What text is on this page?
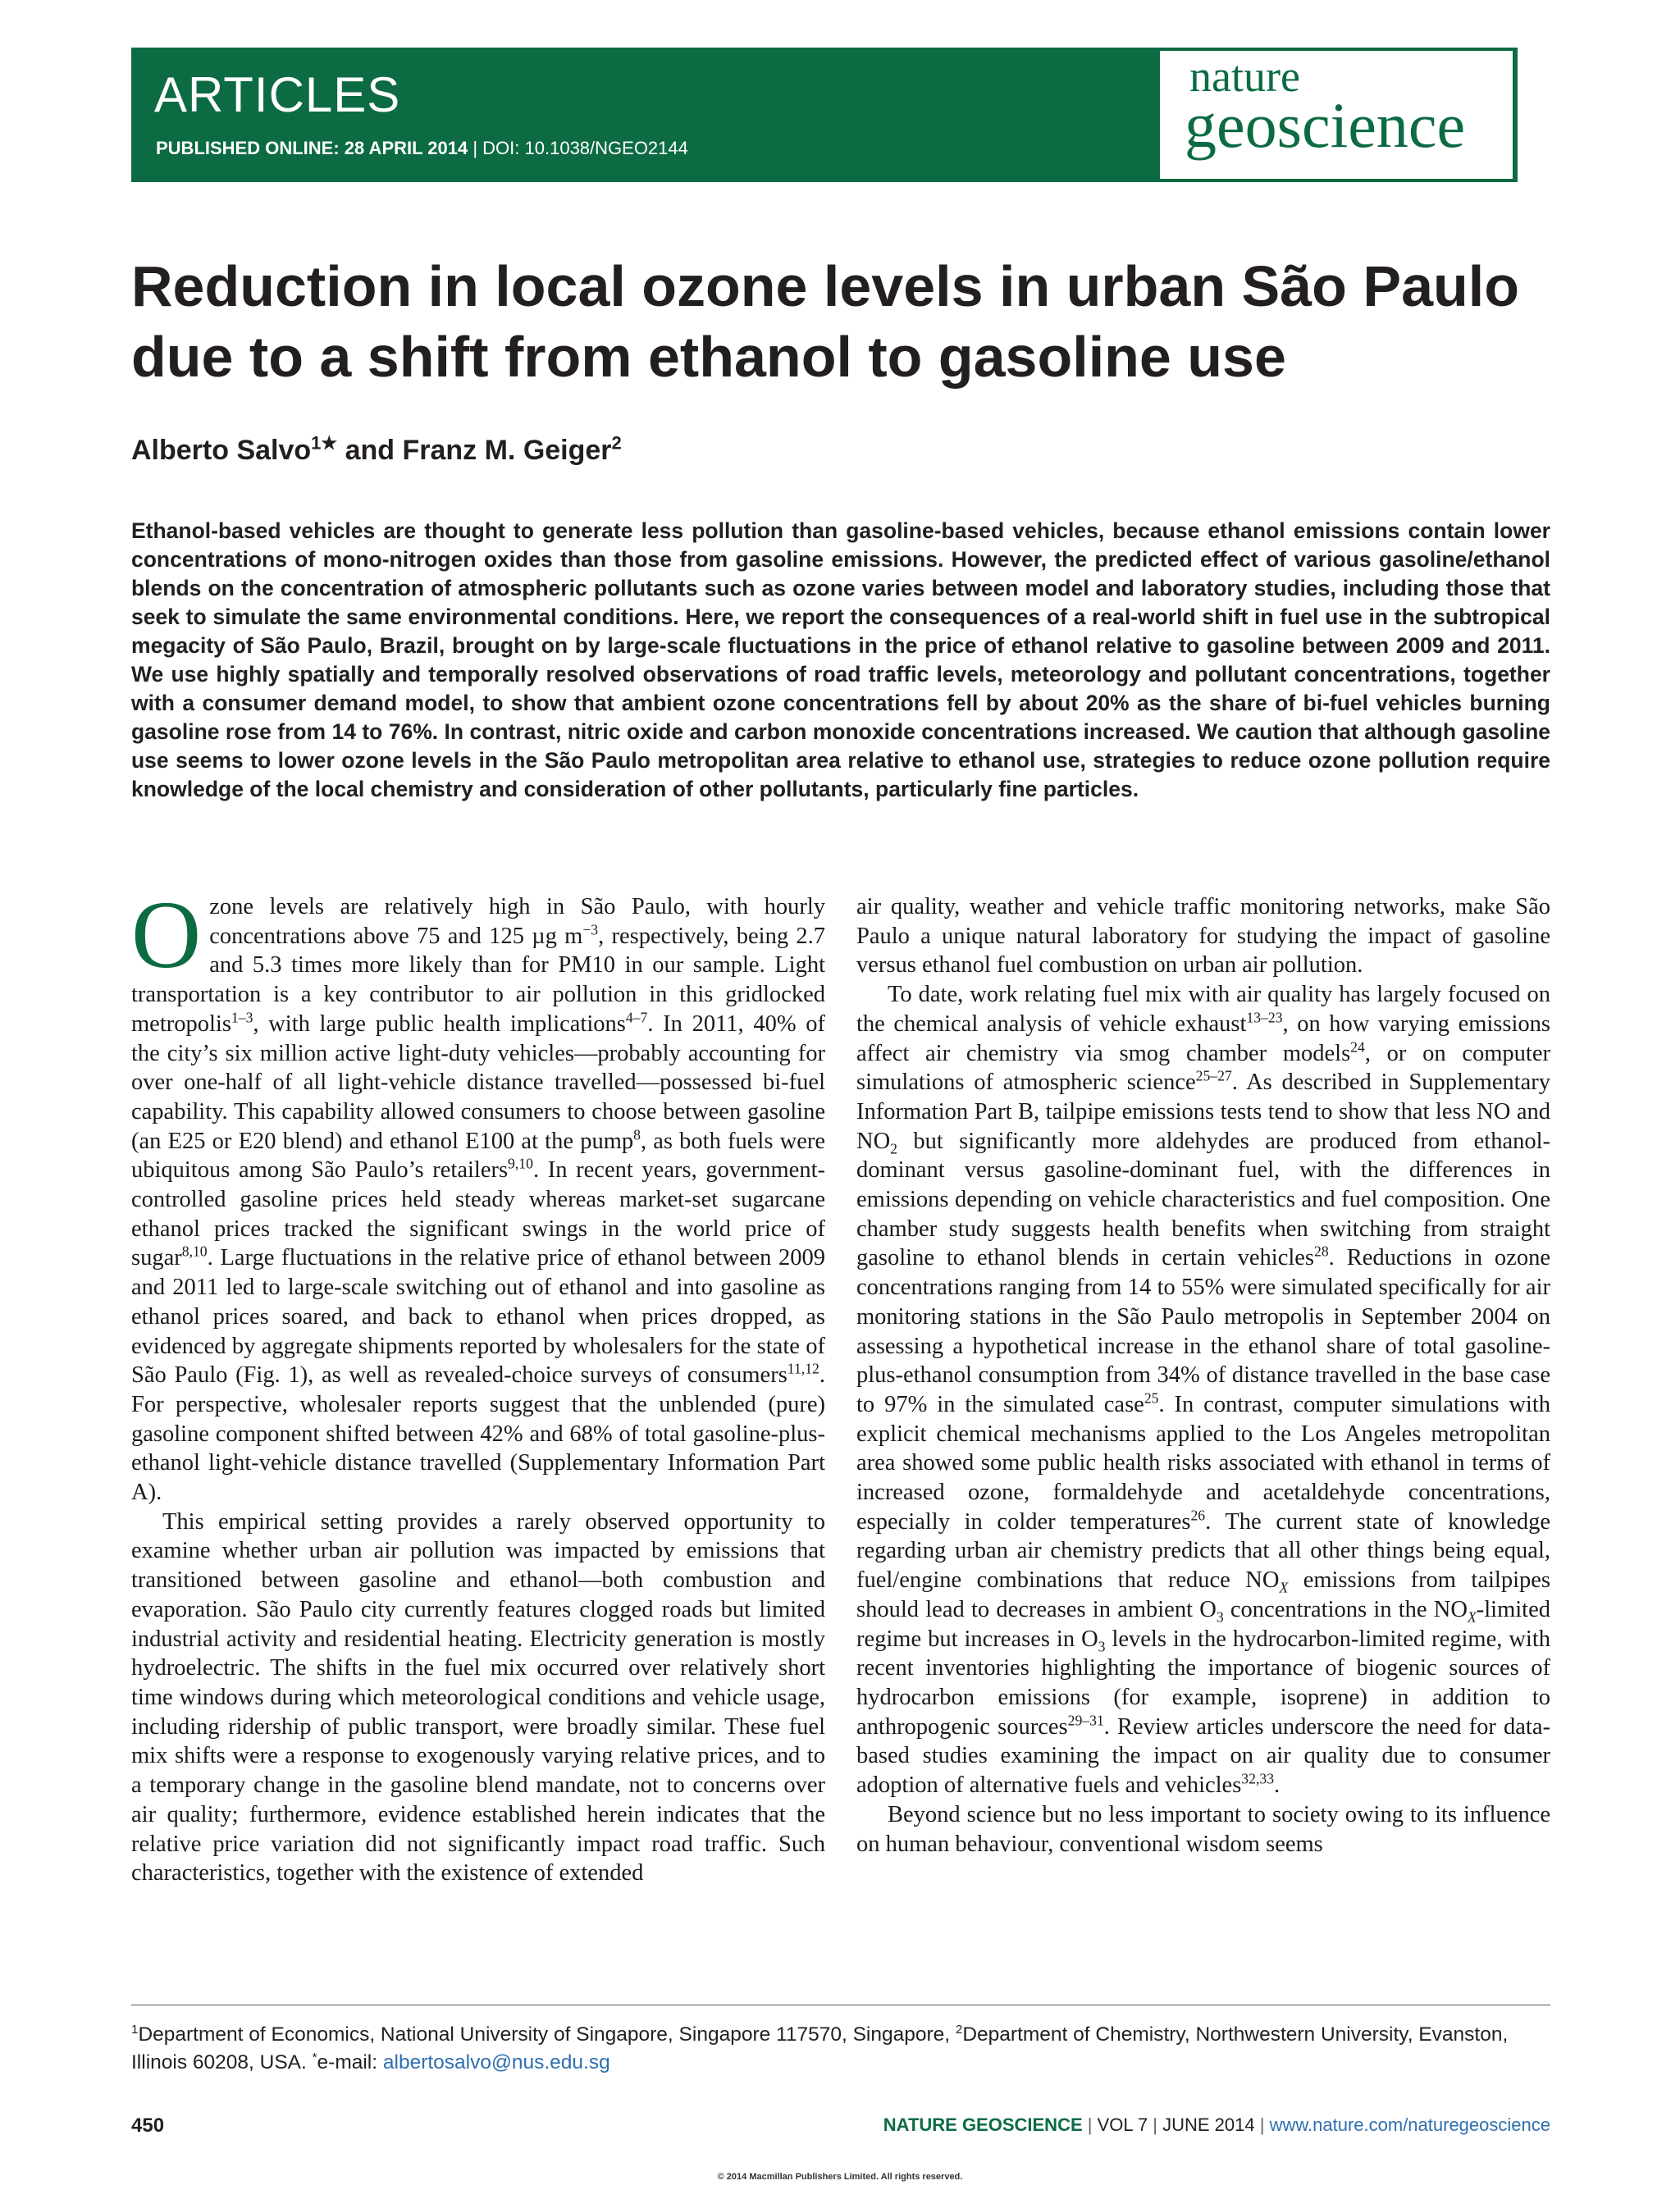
ARTICLES
PUBLISHED ONLINE: 28 APRIL 2014 | DOI: 10.1038/NGEO2144
nature
geoscience
Reduction in local ozone levels in urban São Paulo due to a shift from ethanol to gasoline use
Alberto Salvo$^{1★}$ and Franz M. Geiger$^2$

Ethanol-based vehicles are thought to generate less pollution than gasoline-based vehicles, because ethanol emissions contain lower concentrations of mono-nitrogen oxides than those from gasoline emissions. However, the predicted effect of various gasoline/ethanol blends on the concentration of atmospheric pollutants such as ozone varies between model and laboratory studies, including those that seek to simulate the same environmental conditions. Here, we report the consequences of a real-world shift in fuel use in the subtropical megacity of São Paulo, Brazil, brought on by large-scale fluctuations in the price of ethanol relative to gasoline between 2009 and 2011. We use highly spatially and temporally resolved observations of road traffic levels, meteorology and pollutant concentrations, together with a consumer demand model, to show that ambient ozone concentrations fell by about 20% as the share of bi-fuel vehicles burning gasoline rose from 14 to 76%. In contrast, nitric oxide and carbon monoxide concentrations increased. We caution that although gasoline use seems to lower ozone levels in the São Paulo metropolitan area relative to ethanol use, strategies to reduce ozone pollution require knowledge of the local chemistry and consideration of other pollutants, particularly fine particles.

Ozone levels are relatively high in São Paulo, with hourly concentrations above 75 and 125 µg $m^{-3}$, respectively, being 2.7 and 5.3 times more likely than for PM10 in our sample. Light transportation is a key contributor to air pollution in this gridlocked metropolis$^{1-3}$, with large public health implications$^{4-7}$. In 2011, 40% of the city’s six million active light-duty vehicles—probably accounting for over one-half of all light-vehicle distance travelled—possessed bi-fuel capability. This capability allowed consumers to choose between gasoline (an E25 or E20 blend) and ethanol E100 at the pump$^8$, as both fuels were ubiquitous among São Paulo’s retailers$^{9,10}$. In recent years, government-controlled gasoline prices held steady whereas market-set sugarcane ethanol prices tracked the significant swings in the world price of sugar$^{8,10}$. Large fluctuations in the relative price of ethanol between 2009 and 2011 led to large-scale switching out of ethanol and into gasoline as ethanol prices soared, and back to ethanol when prices dropped, as evidenced by aggregate shipments reported by wholesalers for the state of São Paulo (Fig. 1), as well as revealed-choice surveys of consumers$^{11,12}$. For perspective, wholesaler reports suggest that the unblended (pure) gasoline component shifted between 42% and 68% of total gasoline-plus-ethanol light-vehicle distance travelled (Supplementary Information Part A).

This empirical setting provides a rarely observed opportunity to examine whether urban air pollution was impacted by emissions that transitioned between gasoline and ethanol—both combustion and evaporation. São Paulo city currently features clogged roads but limited industrial activity and residential heating. Electricity generation is mostly hydroelectric. The shifts in the fuel mix occurred over relatively short time windows during which meteorological conditions and vehicle usage, including ridership of public transport, were broadly similar. These fuel mix shifts were a response to exogenously varying relative prices, and to a temporary change in the gasoline blend mandate, not to concerns over air quality; furthermore, evidence established herein indicates that the relative price variation did not significantly impact road traffic. Such characteristics, together with the existence of extended

air quality, weather and vehicle traffic monitoring networks, make São Paulo a unique natural laboratory for studying the impact of gasoline versus ethanol fuel combustion on urban air pollution.

To date, work relating fuel mix with air quality has largely focused on the chemical analysis of vehicle exhaust$^{13-23}$, on how varying emissions affect air chemistry via smog chamber models$^{24}$, or on computer simulations of atmospheric science$^{25-27}$. As described in Supplementary Information Part B, tailpipe emissions tests tend to show that less NO and $NO_2$ but significantly more aldehydes are produced from ethanol-dominant versus gasoline-dominant fuel, with the differences in emissions depending on vehicle characteristics and fuel composition. One chamber study suggests health benefits when switching from straight gasoline to ethanol blends in certain vehicles$^{28}$. Reductions in ozone concentrations ranging from 14 to 55% were simulated specifically for air monitoring stations in the São Paulo metropolis in September 2004 on assessing a hypothetical increase in the ethanol share of total gasoline-plus-ethanol consumption from 34% of distance travelled in the base case to 97% in the simulated case$^{25}$. In contrast, computer simulations with explicit chemical mechanisms applied to the Los Angeles metropolitan area showed some public health risks associated with ethanol in terms of increased ozone, formaldehyde and acetaldehyde concentrations, especially in colder temperatures$^{26}$. The current state of knowledge regarding urban air chemistry predicts that all other things being equal, fuel/engine combinations that reduce $NO_X$ emissions from tailpipes should lead to decreases in ambient $O_3$ concentrations in the $NO_X$-limited regime but increases in $O_3$ levels in the hydrocarbon-limited regime, with recent inventories highlighting the importance of biogenic sources of hydrocarbon emissions (for example, isoprene) in addition to anthropogenic sources$^{29-31}$. Review articles underscore the need for data-based studies examining the impact on air quality due to consumer adoption of alternative fuels and vehicles$^{32,33}$.

Beyond science but no less important to society owing to its influence on human behaviour, conventional wisdom seems

$^1$Department of Economics, National University of Singapore, Singapore 117570, Singapore, $^2$Department of Chemistry, Northwestern University, Evanston, Illinois 60208, USA. *e-mail: albertosalvo@nus.edu.sg

450	NATURE GEOSCIENCE | VOL 7 | JUNE 2014 | www.nature.com/naturegeoscience
© 2014 Macmillan Publishers Limited. All rights reserved.
